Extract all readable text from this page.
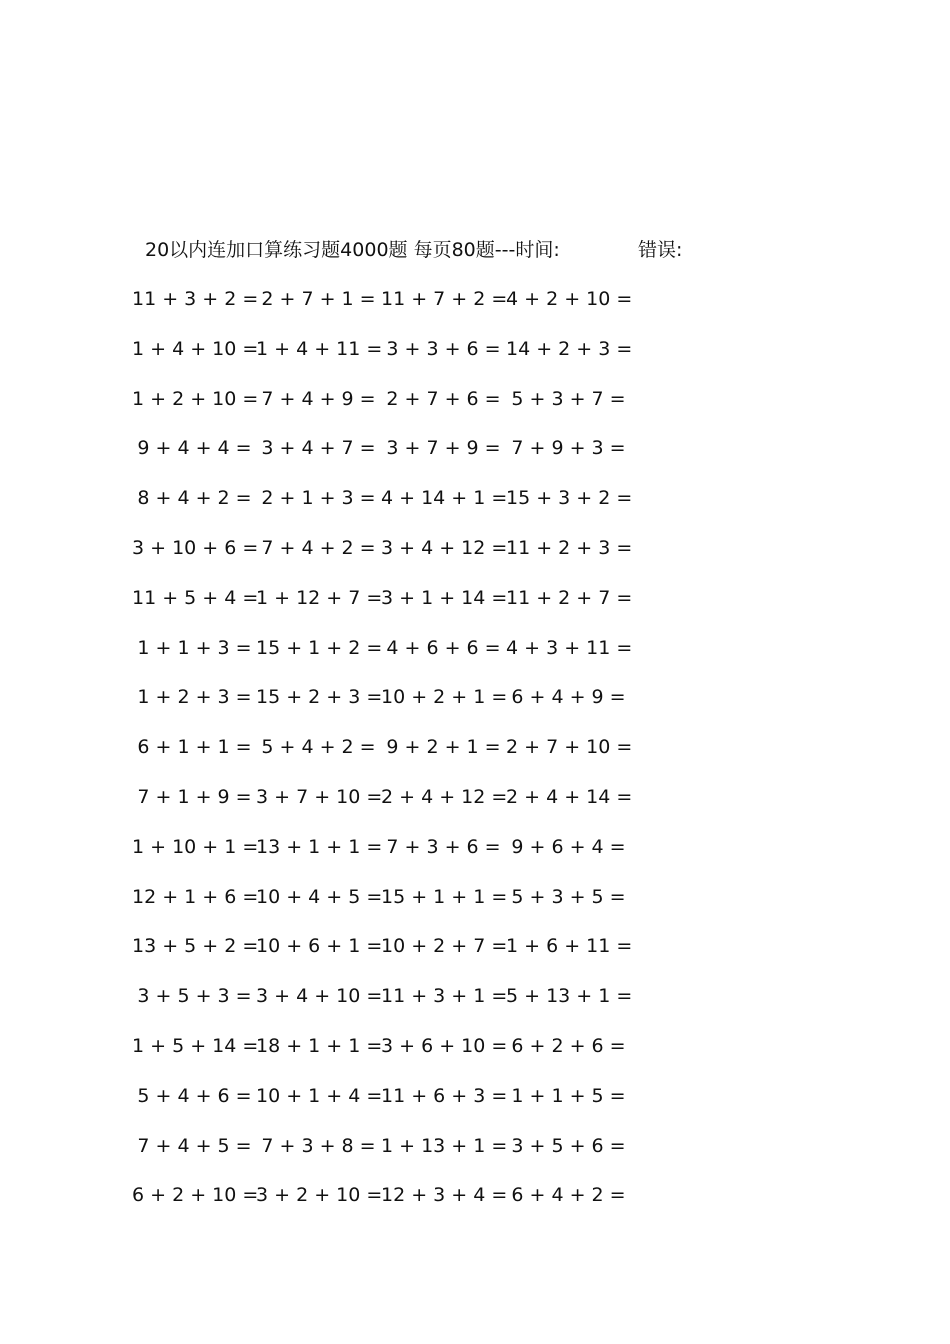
20以内连加口算练习题4000题 每页80题---时间:	错误:
11 + 3 + 2 = 2 + 7 + 1 = 11 + 7 + 2 =
4 + 2 + 10 =
1 + 4 + 10 =
1 + 4 + 11 = 3 + 3 + 6 = 14 + 2 + 3 =
1 + 2 + 10 = 7 + 4 + 9 = 2 + 7 + 6 = 5 + 3 + 7 =
9 + 4 + 4 = 3 + 4 + 7 = 3 + 7 + 9 = 7 + 9 + 3 =
8 + 4 + 2 = 2 + 1 + 3 = 4 + 14 + 1 =
15 + 3 + 2 =
3 + 10 + 6 = 7 + 4 + 2 = 3 + 4 + 12 =
11 + 2 + 3 =
11 + 5 + 4 =
1 + 12 + 7 =
3 + 1 + 14 =
11 + 2 + 7 =
1 + 1 + 3 = 15 + 1 + 2 = 4 + 6 + 6 = 4 + 3 + 11 =
1 + 2 + 3 = 15 + 2 + 3 =
10 + 2 + 1 = 6 + 4 + 9 =
6 + 1 + 1 = 5 + 4 + 2 = 9 + 2 + 1 = 2 + 7 + 10 =
7 + 1 + 9 = 3 + 7 + 10 =
2 + 4 + 12 =
2 + 4 + 14 =
1 + 10 + 1 =
13 + 1 + 1 = 7 + 3 + 6 = 9 + 6 + 4 =
12 + 1 + 6 =
10 + 4 + 5 =
15 + 1 + 1 = 5 + 3 + 5 =
13 + 5 + 2 =
10 + 6 + 1 =
10 + 2 + 7 =
1 + 6 + 11 =
3 + 5 + 3 = 3 + 4 + 10 =
11 + 3 + 1 =
5 + 13 + 1 =
1 + 5 + 14 =
18 + 1 + 1 =
3 + 6 + 10 = 6 + 2 + 6 =
5 + 4 + 6 = 10 + 1 + 4 =
11 + 6 + 3 = 1 + 1 + 5 =
7 + 4 + 5 = 7 + 3 + 8 = 1 + 13 + 1 = 3 + 5 + 6 =
6 + 2 + 10 =
3 + 2 + 10 =
12 + 3 + 4 = 6 + 4 + 2 =
